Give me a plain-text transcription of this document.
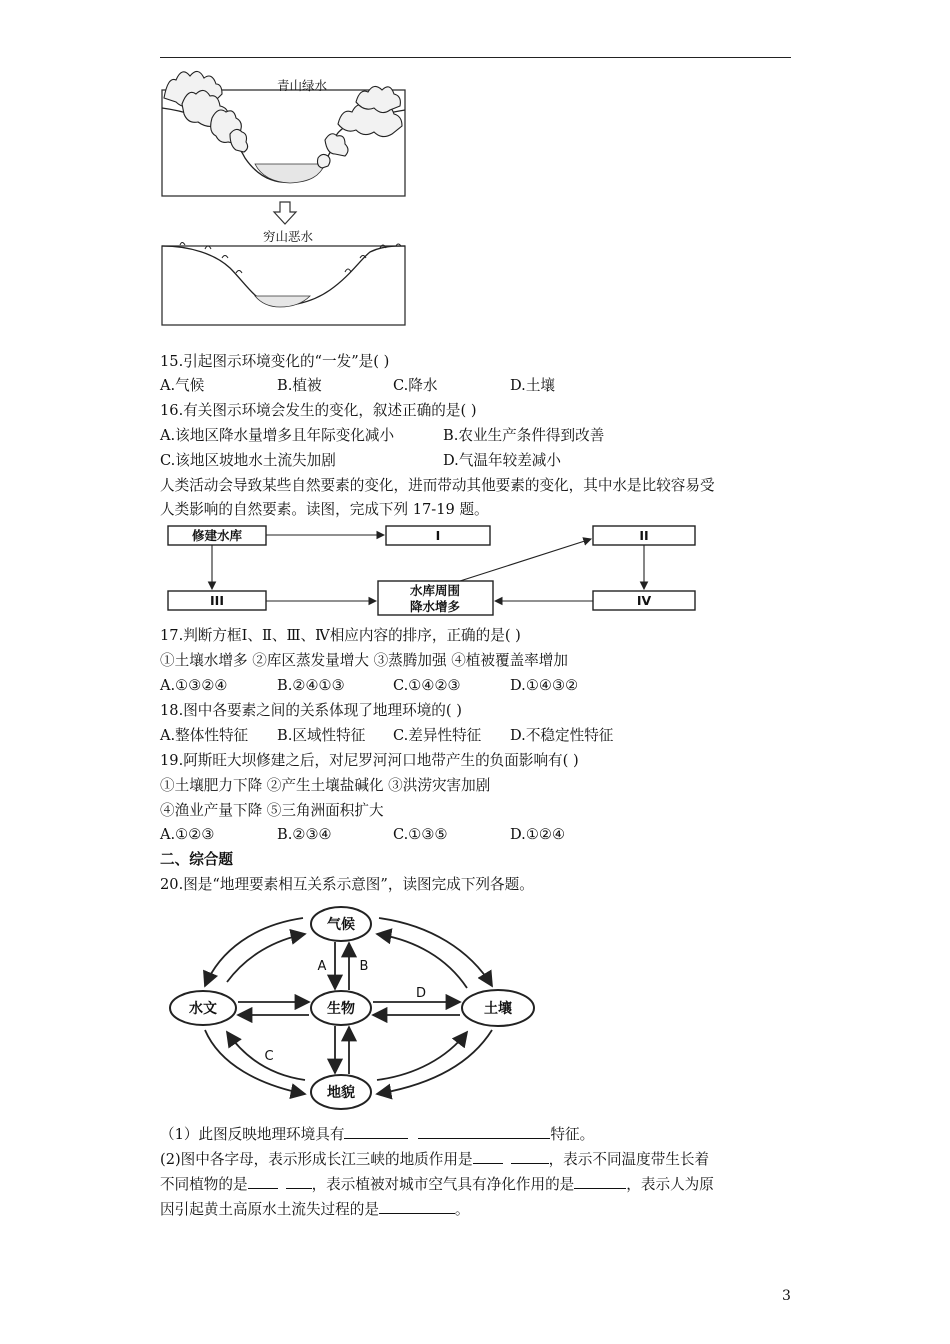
青山绿水
穷山恶水
15.引起图示环境变化的“一发”是( )
A.气候	B.植被	C.降水	D.土壤
16.有关图示环境会发生的变化，叙述正确的是( )
A.该地区降水量增多且年际变化减小	B.农业生产条件得到改善
C.该地区坡地水土流失加剧	D.气温年较差减小
人类活动会导致某些自然要素的变化，进而带动其他要素的变化，其中水是比较容易受
人类影响的自然要素。读图，完成下列 17-19 题。
修建水库	I	II
III
水库周围
降水增多	IV
17.判断方框Ⅰ、Ⅱ、Ⅲ、Ⅳ相应内容的排序，正确的是( )
①土壤水增多 ②库区蒸发量增大 ③蒸腾加强 ④植被覆盖率增加
A.①③②④	B.②④①③	C.①④②③	D.①④③②
18.图中各要素之间的关系体现了地理环境的( )
A.整体性特征 B.区域性特征 C.差异性特征 D.不稳定性特征
19.阿斯旺大坝修建之后，对尼罗河河口地带产生的负面影响有( )
①土壤肥力下降 ②产生土壤盐碱化 ③洪涝灾害加剧
④渔业产量下降 ⑤三角洲面积扩大
A.①②③	B.②③④	C.①③⑤	D.①②④
二、综合题
20.图是“地理要素相互关系示意图”，读图完成下列各题。
气候
水文	生物	土壤
地貌
A	B
C
D
（1）此图反映地理环境具有	特征。
(2)图中各字母，表示形成长江三峡的地质作用是	，表示不同温度带生长着
不同植物的是	，表示植被对城市空气具有净化作用的是	，表示人为原
因引起黄土高原水土流失过程的是	。
3
